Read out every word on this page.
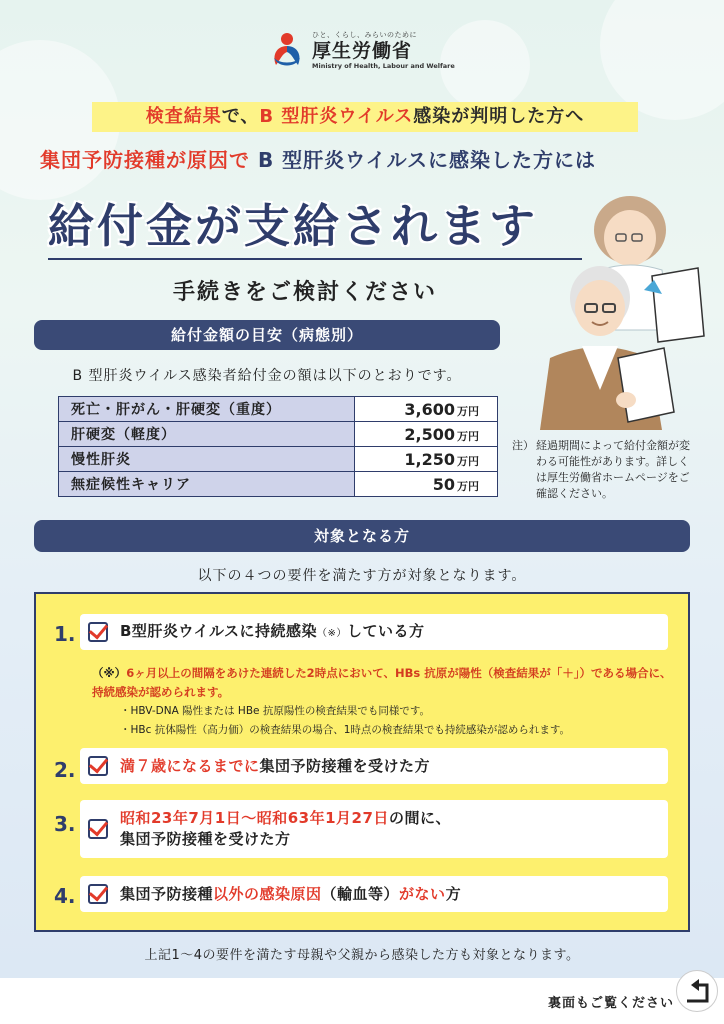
ひと、くらし、みらいのために
厚生労働省
Ministry of Health, Labour and Welfare
検査結果で、B 型肝炎ウイルス感染が判明した方へ
集団予防接種が原因で B 型肝炎ウイルスに感染した方には
給付金が支給されます
手続きをご検討ください
給付金額の目安（病態別）
B 型肝炎ウイルス感染者給付金の額は以下のとおりです。
死亡・肝がん・肝硬変（重度）	3,600 万円
肝硬変（軽度）	2,500 万円
慢性肝炎	1,250 万円
無症候性キャリア	50 万円
注） 経過期間によって給付金額が変わる可能性があります。詳しくは厚生労働省ホームページをご確認ください。
対象となる方
以下の４つの要件を満たす方が対象となります。
1.	B型肝炎ウイルスに持続感染（※）している方
（※）6ヶ月以上の間隔をあけた連続した2時点において、HBs 抗原が陽性（検査結果が「＋」）である場合に、持続感染が認められます。
・HBV-DNA 陽性または HBe 抗原陽性の検査結果でも同様です。
・HBc 抗体陽性（高力価）の検査結果の場合、1時点の検査結果でも持続感染が認められます。
2.	満７歳になるまでに集団予防接種を受けた方
3.	昭和23年7月1日～昭和63年1月27日の間に、
集団予防接種を受けた方
4.	集団予防接種以外の感染原因（輸血等）がない方
上記1～4の要件を満たす母親や父親から感染した方も対象となります。
裏面もご覧ください
